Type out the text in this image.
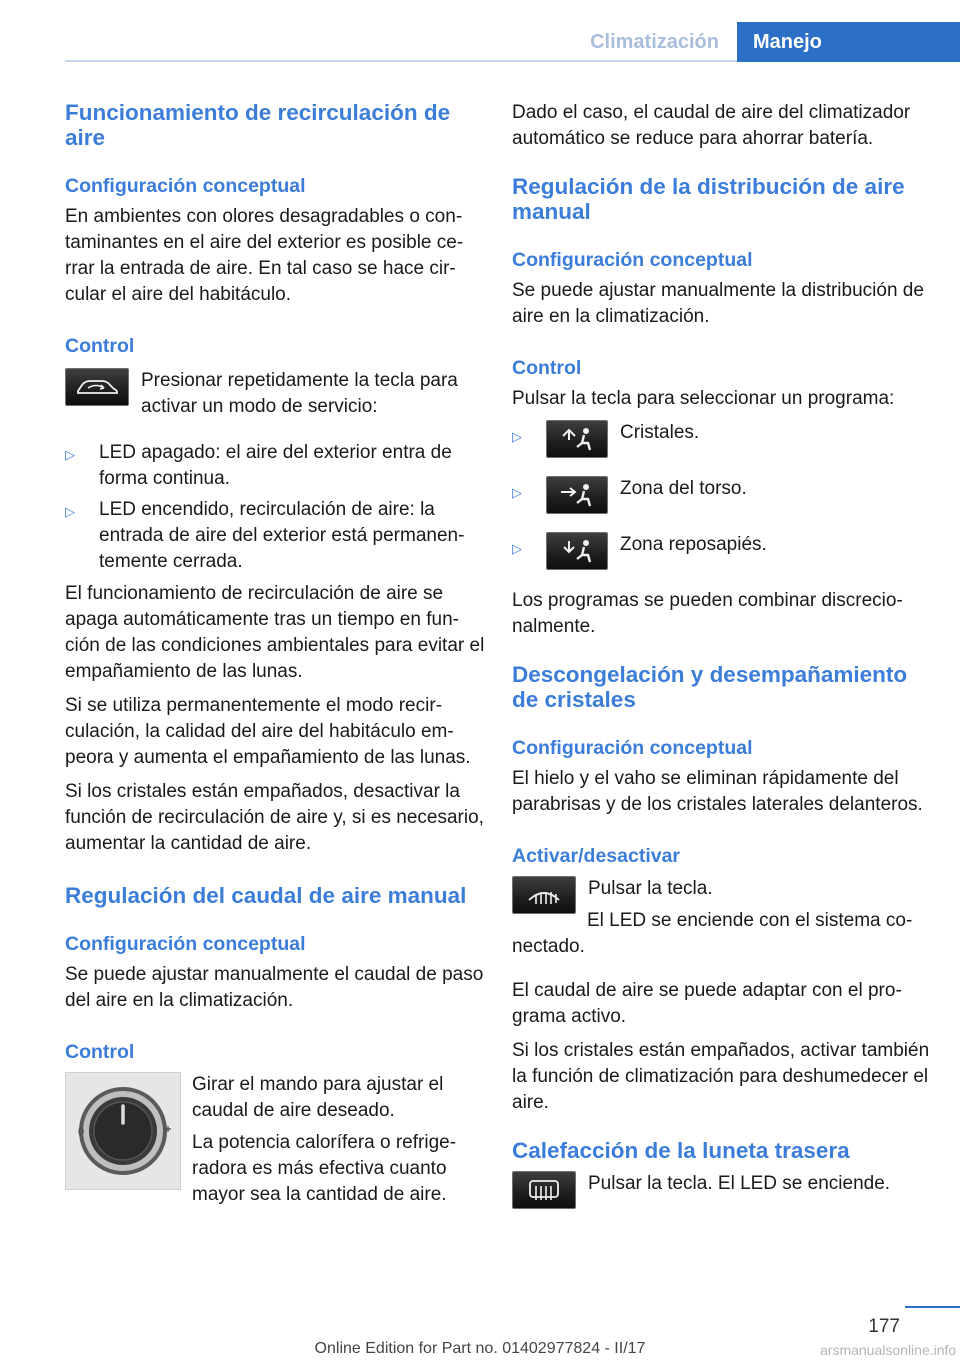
Climatización	Manejo
Funcionamiento de recirculación de aire
Configuración conceptual

En ambientes con olores desagradables o contaminantes en el aire del exterior es posible cerrar la entrada de aire. En tal caso se hace circular el aire del habitáculo.

Control

Presionar repetidamente la tecla para activar un modo de servicio:

▷	LED apagado: el aire del exterior entra de forma continua.
▷	LED encendido, recirculación de aire: la entrada de aire del exterior está permanentemente cerrada.

El funcionamiento de recirculación de aire se apaga automáticamente tras un tiempo en función de las condiciones ambientales para evitar el empañamiento de las lunas.

Si se utiliza permanentemente el modo recirculación, la calidad del aire del habitáculo empeora y aumenta el empañamiento de las lunas.

Si los cristales están empañados, desactivar la función de recirculación de aire y, si es necesario, aumentar la cantidad de aire.

Regulación del caudal de aire manual
Configuración conceptual

Se puede ajustar manualmente el caudal de paso del aire en la climatización.

Control
0

Girar el mando para ajustar el caudal de aire deseado.

La potencia calorífera o refrigeradora es más efectiva cuanto mayor sea la cantidad de aire.

Dado el caso, el caudal de aire del climatizador automático se reduce para ahorrar batería.

Regulación de la distribución de aire manual
Configuración conceptual

Se puede ajustar manualmente la distribución de aire en la climatización.

Control

Pulsar la tecla para seleccionar un programa:

▷	Cristales.
▷	Zona del torso.
▷	Zona reposapiés.

Los programas se pueden combinar discrecionalmente.

Descongelación y desempañamiento de cristales
Configuración conceptual

El hielo y el vaho se eliminan rápidamente del parabrisas y de los cristales laterales delanteros.

Activar/desactivar

Pulsar la tecla.

El LED se enciende con el sistema conectado.

El caudal de aire se puede adaptar con el programa activo.

Si los cristales están empañados, activar también la función de climatización para deshumedecer el aire.

Calefacción de la luneta trasera

Pulsar la tecla. El LED se enciende.

177
Online Edition for Part no. 01402977824 - II/17	arsmanualsonline.info
